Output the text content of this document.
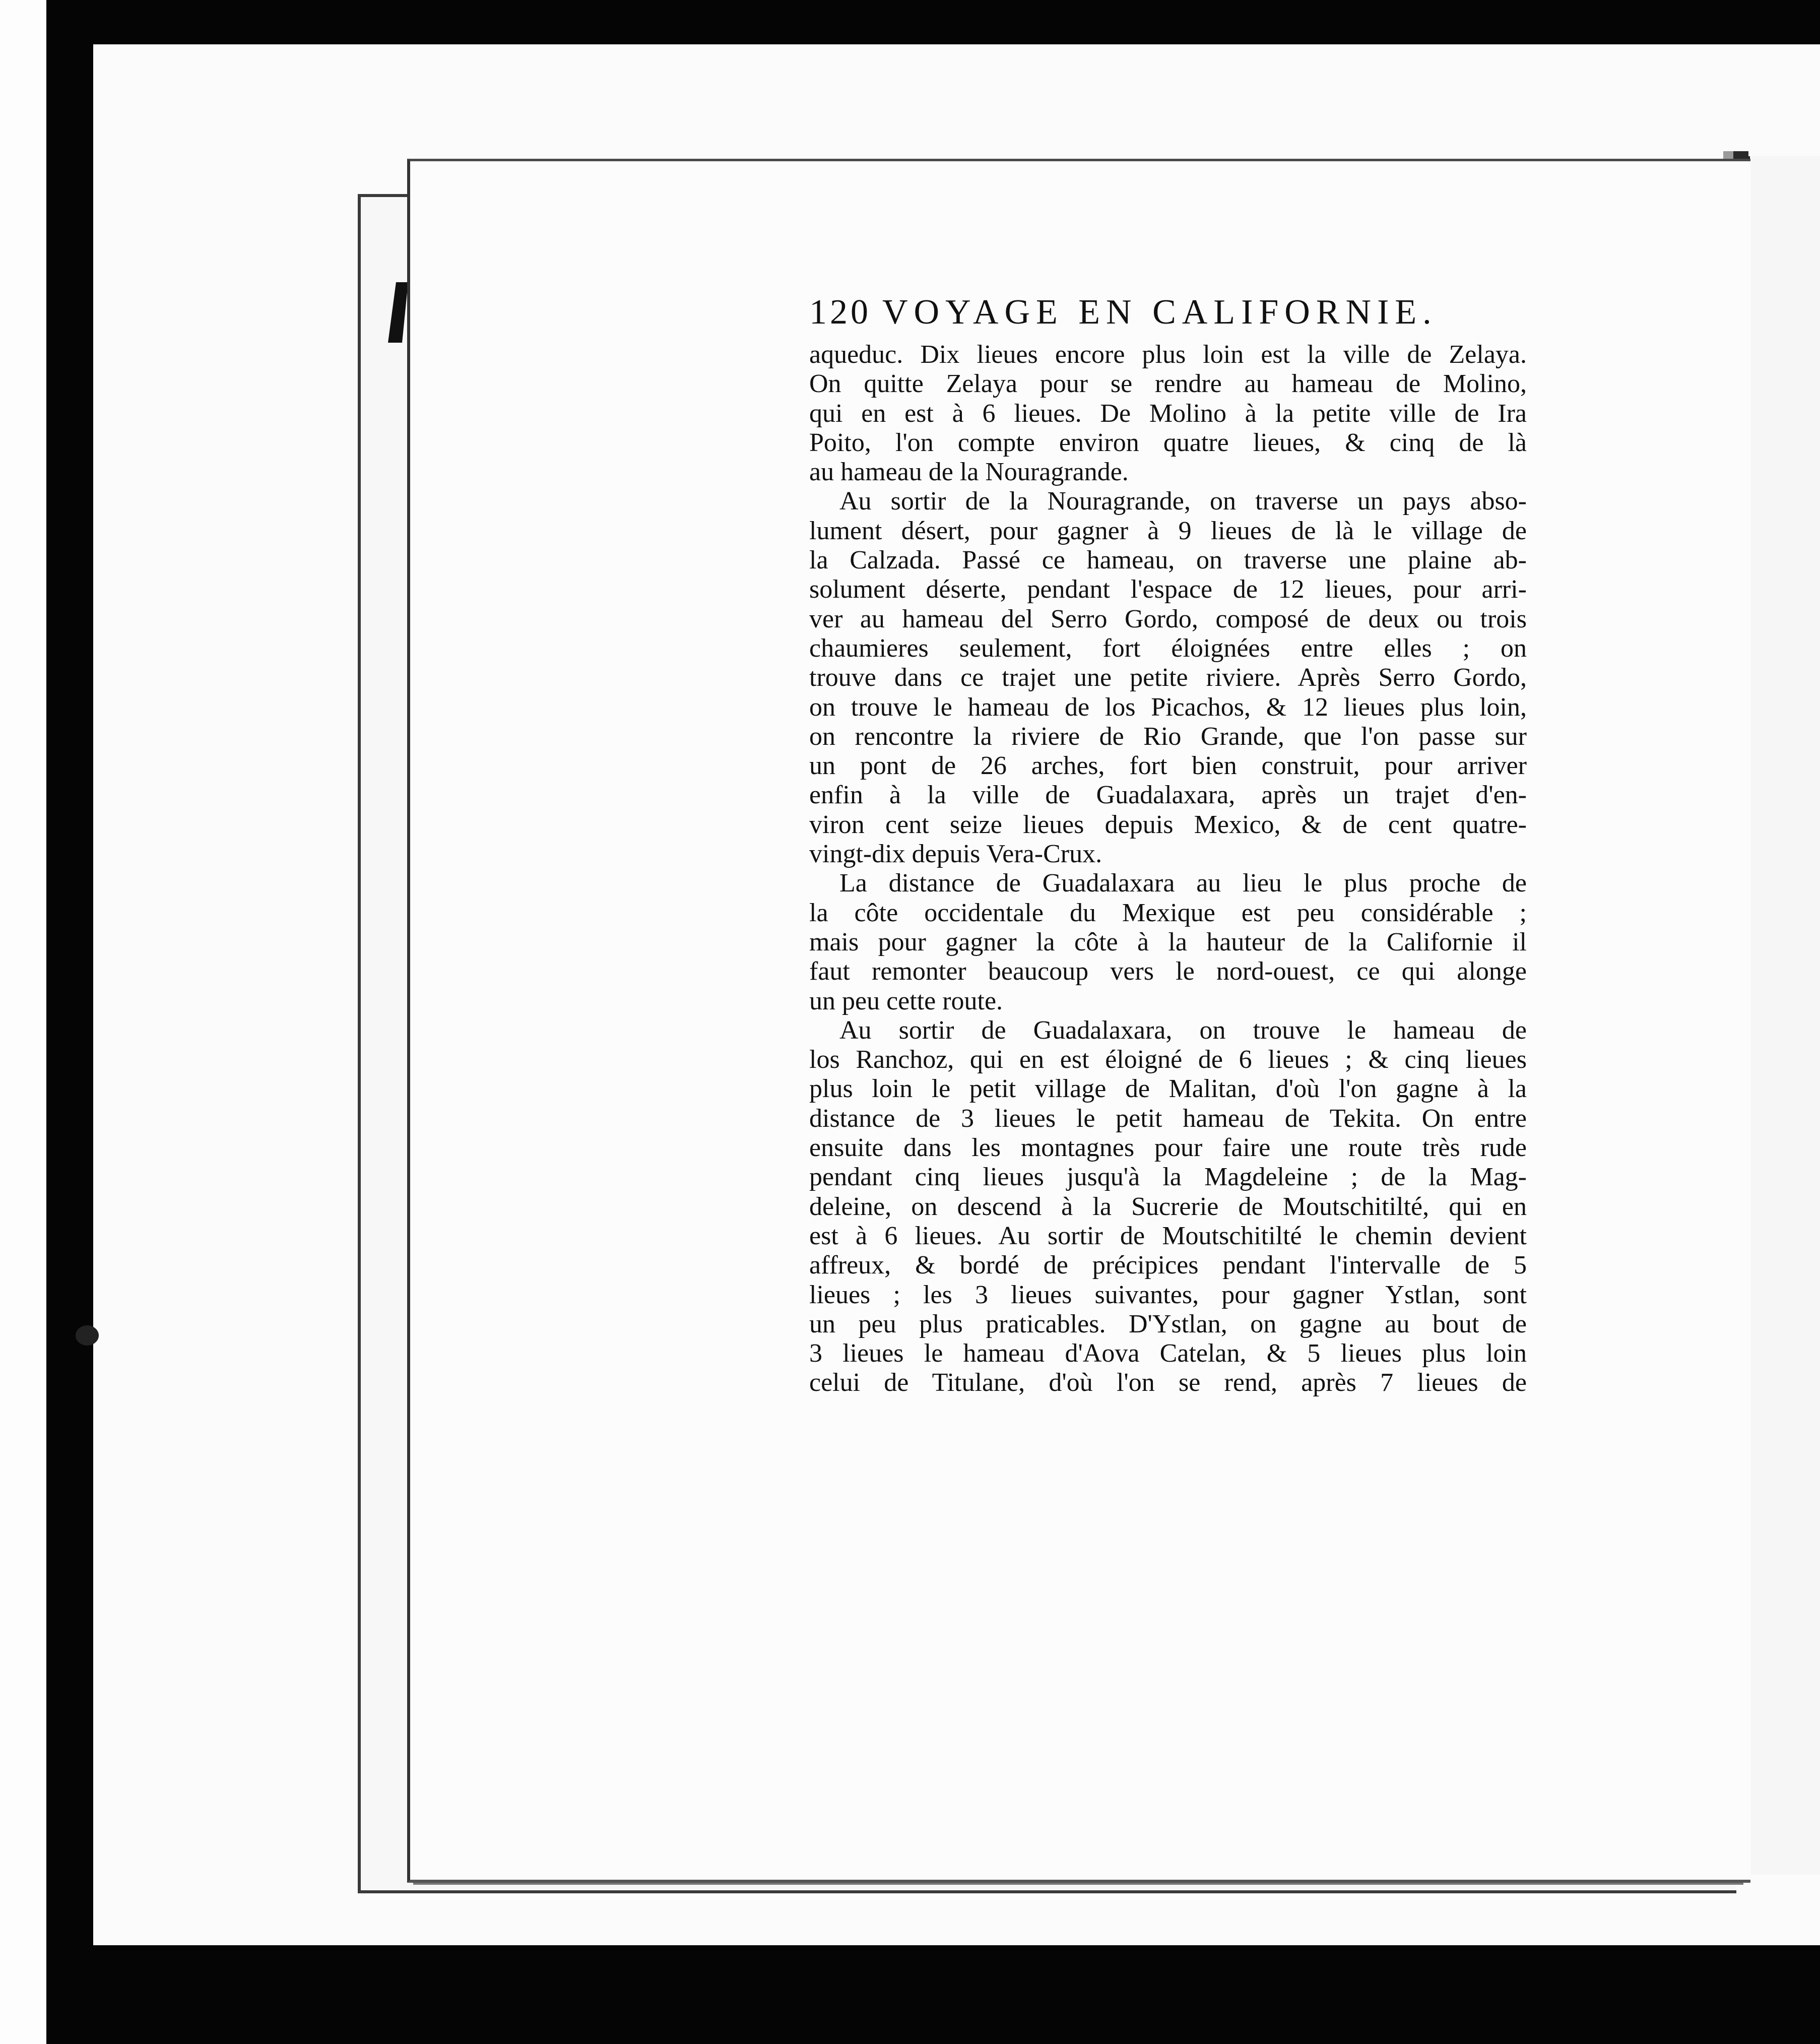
120 VOYAGE EN CALIFORNIE.
aqueduc. Dix lieues encore plus loin est la ville de Zelaya.
On quitte Zelaya pour se rendre au hameau de Molino,
qui en est à 6 lieues. De Molino à la petite ville de Ira
Poito, l'on compte environ quatre lieues, & cinq de là
au hameau de la Nouragrande.
Au sortir de la Nouragrande, on traverse un pays abso-
lument désert, pour gagner à 9 lieues de là le village de
la Calzada. Passé ce hameau, on traverse une plaine ab-
solument déserte, pendant l'espace de 12 lieues, pour arri-
ver au hameau del Serro Gordo, composé de deux ou trois
chaumieres seulement, fort éloignées entre elles ; on
trouve dans ce trajet une petite riviere. Après Serro Gordo,
on trouve le hameau de los Picachos, & 12 lieues plus loin,
on rencontre la riviere de Rio Grande, que l'on passe sur
un pont de 26 arches, fort bien construit, pour arriver
enfin à la ville de Guadalaxara, après un trajet d'en-
viron cent seize lieues depuis Mexico, & de cent quatre-
vingt-dix depuis Vera-Crux.
La distance de Guadalaxara au lieu le plus proche de
la côte occidentale du Mexique est peu considérable ;
mais pour gagner la côte à la hauteur de la Californie il
faut remonter beaucoup vers le nord-ouest, ce qui alonge
un peu cette route.
Au sortir de Guadalaxara, on trouve le hameau de
los Ranchoz, qui en est éloigné de 6 lieues ; & cinq lieues
plus loin le petit village de Malitan, d'où l'on gagne à la
distance de 3 lieues le petit hameau de Tekita. On entre
ensuite dans les montagnes pour faire une route très rude
pendant cinq lieues jusqu'à la Magdeleine ; de la Mag-
deleine, on descend à la Sucrerie de Moutschitilté, qui en
est à 6 lieues. Au sortir de Moutschitilté le chemin devient
affreux, & bordé de précipices pendant l'intervalle de 5
lieues ; les 3 lieues suivantes, pour gagner Ystlan, sont
un peu plus praticables. D'Ystlan, on gagne au bout de
3 lieues le hameau d'Aova Catelan, & 5 lieues plus loin
celui de Titulane, d'où l'on se rend, après 7 lieues de
